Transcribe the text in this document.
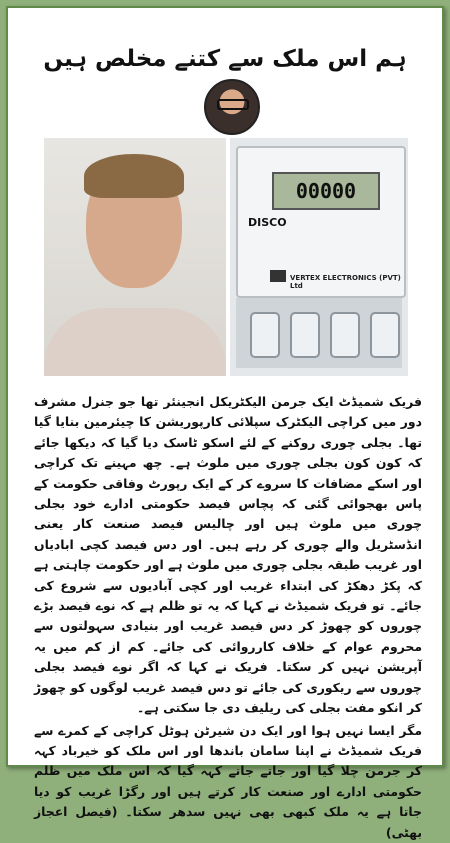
ہم اس ملک سے کتنے مخلص ہیں
00000
DISCO
VERTEX ELECTRONICS (PVT) Ltd

فریک شمیڈٹ ایک جرمن الیکٹریکل انجینئر تھا جو جنرل مشرف دور میں کراچی الیکٹرک سپلائی کارپوریشن کا چیئرمین بنایا گیا تھا۔ بجلی چوری روکنے کے لئے اسکو ٹاسک دیا گیا کہ دیکھا جائے کہ کون کون بجلی چوری میں ملوث ہے۔ چھ مہینے تک کراچی اور اسکے مضافات کا سروے کر کے ایک رپورٹ وفاقی حکومت کے پاس بھجوائی گئی کہ پچاس فیصد حکومتی ادارے خود بجلی چوری میں ملوث ہیں اور چالیس فیصد صنعت کار یعنی انڈسٹریل والے چوری کر رہے ہیں۔ اور دس فیصد کچی ابادیاں اور غریب طبقہ بجلی چوری میں ملوث ہے اور حکومت چاہتی ہے کہ پکڑ دھکڑ کی ابتداء غریب اور کچی آبادیوں سے شروع کی جائے۔ تو فریک شمیڈٹ نے کہا کہ یہ تو ظلم ہے کہ نوے فیصد بڑے چوروں کو چھوڑ کر دس فیصد غریب اور بنیادی سہولتوں سے محروم عوام کے خلاف کارروائی کی جائے۔ کم از کم میں یہ آپریشن نہیں کر سکتا۔ فریک نے کہا کہ اگر نوے فیصد بجلی چوروں سے ریکوری کی جائے تو دس فیصد غریب لوگوں کو چھوڑ کر انکو مفت بجلی کی ریلیف دی جا سکتی ہے۔

مگر ایسا نہیں ہوا اور ایک دن شیرٹن ہوٹل کراچی کے کمرے سے فریک شمیڈٹ نے اپنا سامان باندھا اور اس ملک کو خیرباد کہہ کر جرمن چلا گیا اور جاتے جاتے کہہ گیا کہ اس ملک میں ظلم حکومتی ادارے اور صنعت کار کرتے ہیں اور رگڑا غریب کو دیا جاتا ہے یہ ملک کبھی بھی نہیں سدھر سکتا۔ (فیصل اعجاز بھٹی)
